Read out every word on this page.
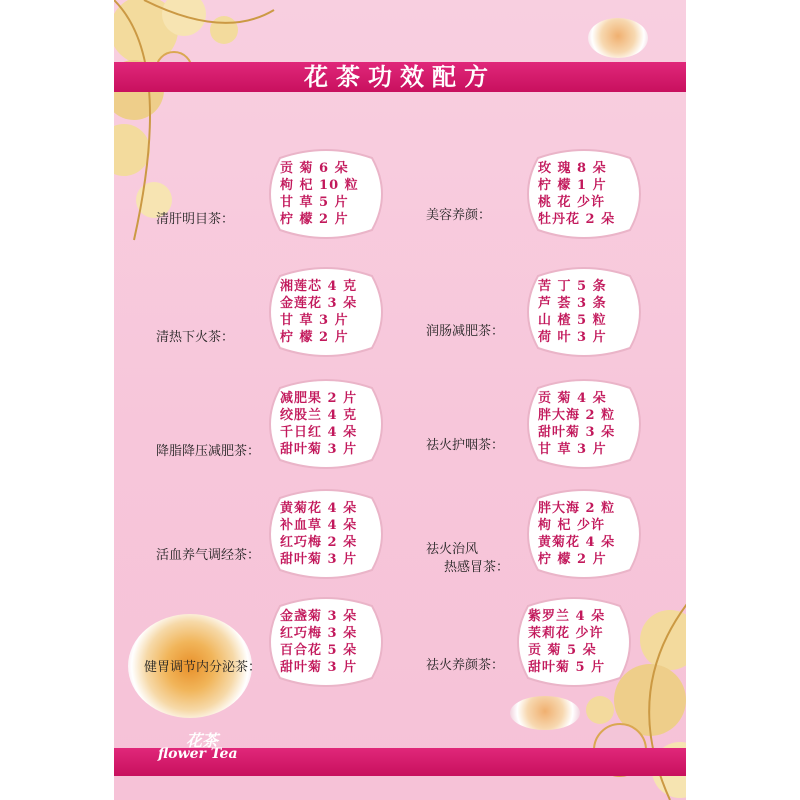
花茶功效配方
花茶
flower Tea
清肝明目茶：
贡 菊 6 朵
枸 杞 10 粒
甘 草 5 片
柠 檬 2 片	美容养颜：
玫 瑰 8 朵
柠 檬 1 片
桃 花 少许
牡丹花 2 朵
清热下火茶：
湘莲芯 4 克
金莲花 3 朵
甘 草 3 片
柠 檬 2 片	润肠减肥茶：
苦 丁 5 条
芦 荟 3 条
山 楂 5 粒
荷 叶 3 片
降脂降压减肥茶：
减肥果 2 片
绞股兰 4 克
千日红 4 朵
甜叶菊 3 片	祛火护咽茶：
贡 菊 4 朵
胖大海 2 粒
甜叶菊 3 朵
甘 草 3 片
活血养气调经茶：
黄菊花 4 朵
补血草 4 朵
红巧梅 2 朵
甜叶菊 3 片
祛火治风
热感冒茶：
胖大海 2 粒
枸 杞 少许
黄菊花 4 朵
柠 檬 2 片
健胃调节内分泌茶：
金盏菊 3 朵
红巧梅 3 朵
百合花 5 朵
甜叶菊 3 片	祛火养颜茶：
紫罗兰 4 朵
茉莉花 少许
贡 菊 5 朵
甜叶菊 5 片
